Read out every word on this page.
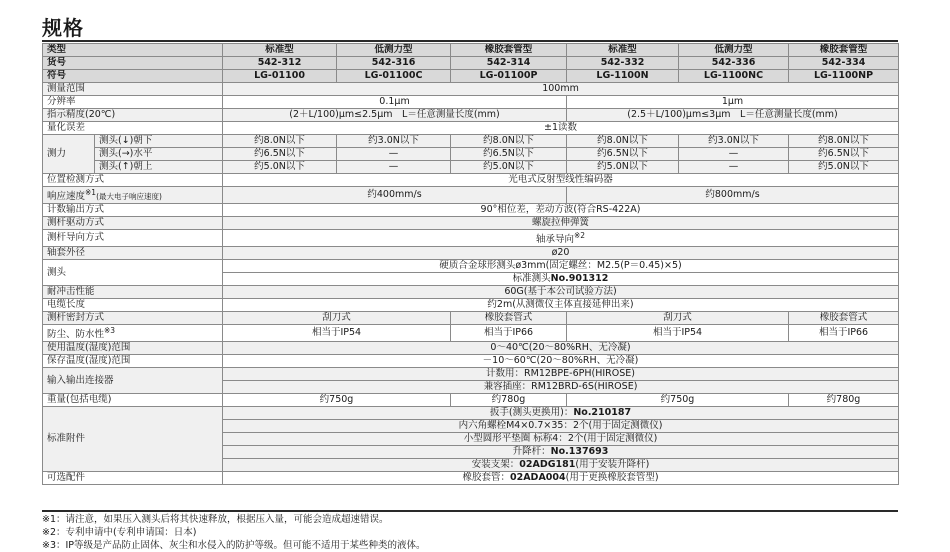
规格
类型		标准型	低测力型	橡胶套管型	标准型	低测力型	橡胶套管型
货号		542-312	542-316	542-314	542-332	542-336	542-334
符号		LG-01100	LG-01100C	LG-01100P	LG-1100N	LG-1100NC	LG-1100NP
测量范围		100mm					
分辨率		0.1μm			1μm		
指示精度(20℃)		(2＋L/100)μm≤2.5μm　L＝任意测量长度(mm)			(2.5＋L/100)μm≤3μm　L＝任意测量长度(mm)		
量化误差		±1读数					
测力	测头(↓)朝下	约8.0N以下	约3.0N以下	约8.0N以下	约8.0N以下	约3.0N以下	约8.0N以下
	测头(→)水平	约6.5N以下	—	约6.5N以下	约6.5N以下	—	约6.5N以下
	测头(↑)朝上	约5.0N以下	—	约5.0N以下	约5.0N以下	—	约5.0N以下
位置检测方式		光电式反射型线性编码器					
响应速度$^{※1}$(最大电子响应速度)		约400mm/s			约800mm/s		
计数输出方式		90°相位差，差动方波(符合RS-422A)					
测杆驱动方式		螺旋拉伸弹簧					
测杆导向方式		轴承导向$^{※2}$
轴套外径		ø20					
测头		硬质合金球形测头ø3mm(固定螺丝：M2.5(P＝0.45)×5)					
		标准测头No.901312					
耐冲击性能		60G(基于本公司试验方法)					
电缆长度		约2m(从测微仪主体直接延伸出来)					
测杆密封方式		刮刀式		橡胶套管式	刮刀式		橡胶套管式
防尘、防水性$^{※3}$		相当于IP54		相当于IP66	相当于IP54		相当于IP66
使用温度(湿度)范围		0～40℃(20～80%RH、无冷凝)					
保存温度(湿度)范围		－10～60℃(20～80%RH、无冷凝)					
输入输出连接器		计数用：RM12BPE-6PH(HIROSE)					
		兼容插座：RM12BRD-6S(HIROSE)					
重量(包括电缆)		约750g		约780g	约750g		约780g
标准附件		扳手(测头更换用)：No.210187					
		内六角螺栓M4×0.7×35：2个(用于固定测微仪)					
		小型圆形平垫圈 标称4：2个(用于固定测微仪)					
		升降杆：No.137693					
		安装支架：02ADG181(用于安装升降杆)					
可选配件		橡胶套管：02ADA004(用于更换橡胶套管型)					
※1：请注意，如果压入测头后将其快速释放，根据压入量，可能会造成超速错误。
※2：专利申请中(专利申请国：日本)
※3：IP等级是产品防止固体、灰尘和水侵入的防护等级。但可能不适用于某些种类的液体。
